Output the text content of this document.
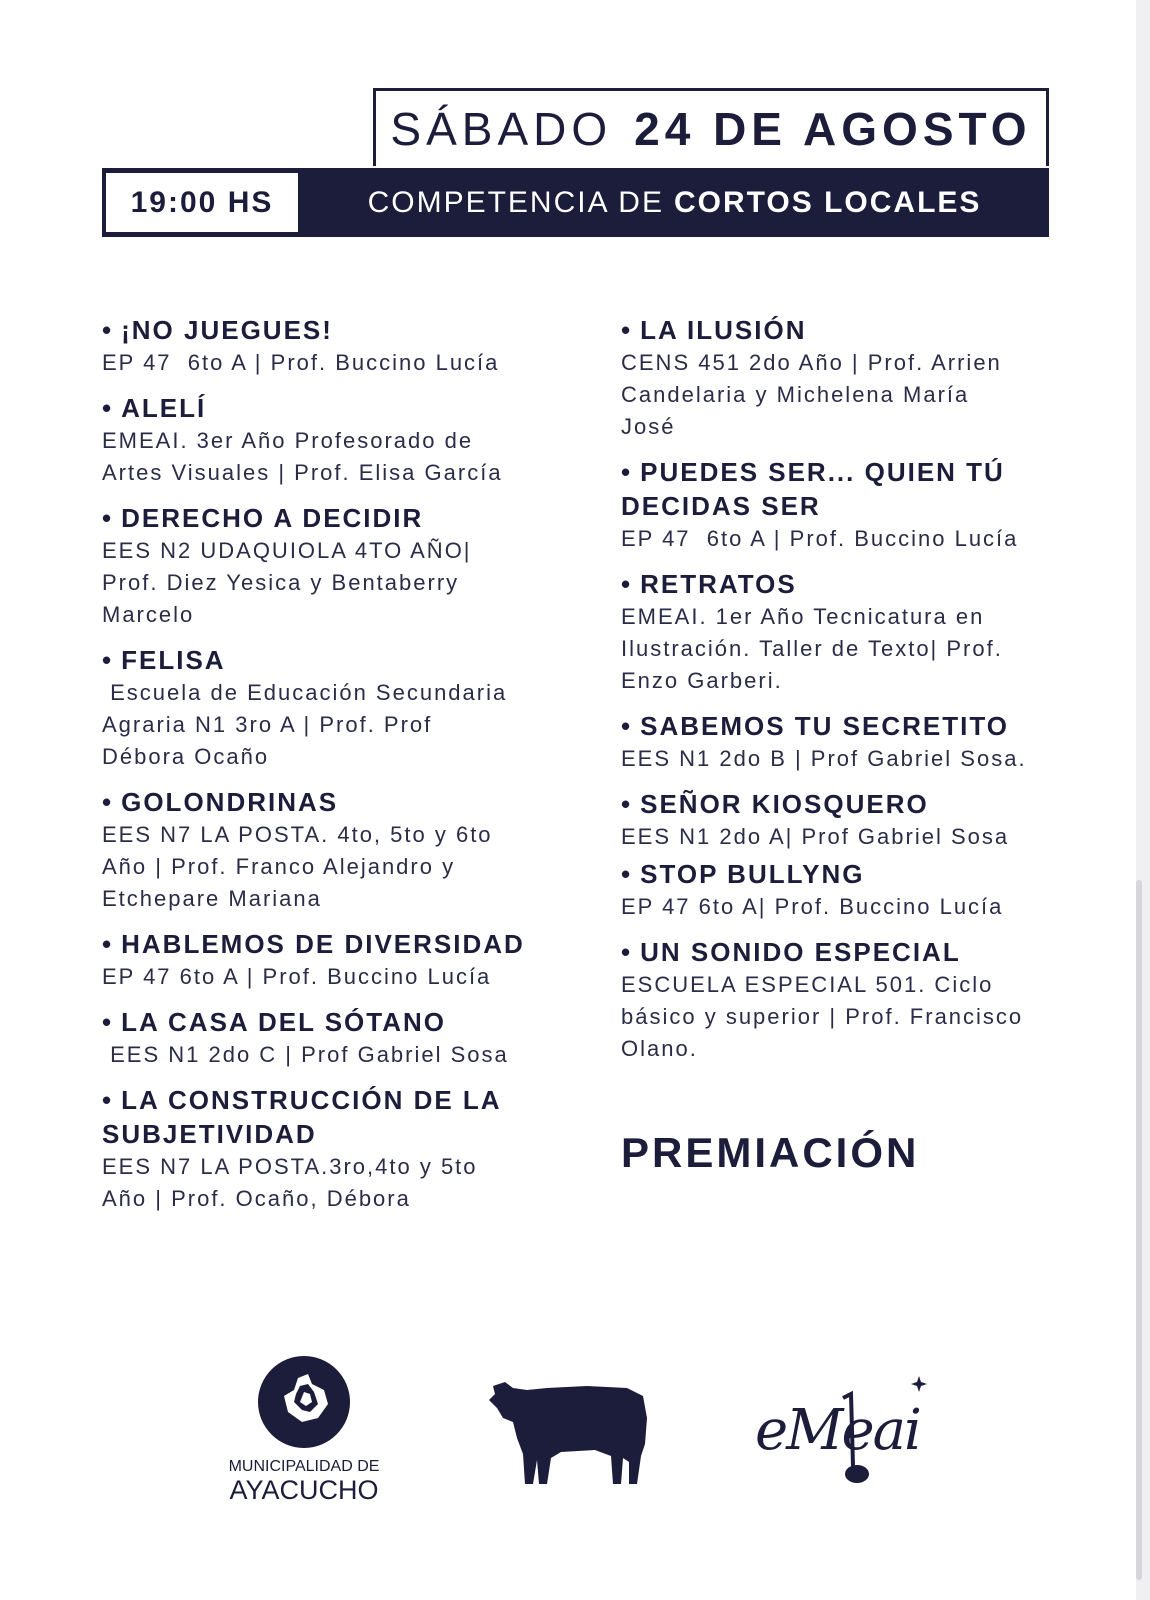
SÁBADO 24 DE AGOSTO
19:00 HS	COMPETENCIA DE CORTOS LOCALES
• ¡NO JUEGUES!
EP 47  6to A | Prof. Buccino Lucía
• ALELÍ
EMEAI. 3er Año Profesorado de
Artes Visuales | Prof. Elisa García
• DERECHO A DECIDIR
EES N2 UDAQUIOLA 4TO AÑO|
Prof. Diez Yesica y Bentaberry
Marcelo
• FELISA
Escuela de Educación Secundaria
Agraria N1 3ro A | Prof. Prof
Débora Ocaño
• GOLONDRINAS
EES N7 LA POSTA. 4to, 5to y 6to
Año | Prof. Franco Alejandro y
Etchepare Mariana
• HABLEMOS DE DIVERSIDAD
EP 47 6to A | Prof. Buccino Lucía
• LA CASA DEL SÓTANO
EES N1 2do C | Prof Gabriel Sosa
• LA CONSTRUCCIÓN DE LA
SUBJETIVIDAD
EES N7 LA POSTA.3ro,4to y 5to
Año | Prof. Ocaño, Débora
• LA ILUSIÓN
CENS 451 2do Año | Prof. Arrien
Candelaria y Michelena María
José
• PUEDES SER... QUIEN TÚ
DECIDAS SER
EP 47  6to A | Prof. Buccino Lucía
• RETRATOS
EMEAI. 1er Año Tecnicatura en
Ilustración. Taller de Texto| Prof.
Enzo Garberi.
• SABEMOS TU SECRETITO
EES N1 2do B | Prof Gabriel Sosa.
• SEÑOR KIOSQUERO
EES N1 2do A| Prof Gabriel Sosa
• STOP BULLYNG
EP 47 6to A| Prof. Buccino Lucía
• UN SONIDO ESPECIAL
ESCUELA ESPECIAL 501. Ciclo
básico y superior | Prof. Francisco
Olano.
PREMIACIÓN
MUNICIPALIDAD DE
AYACUCHO
eMeai
